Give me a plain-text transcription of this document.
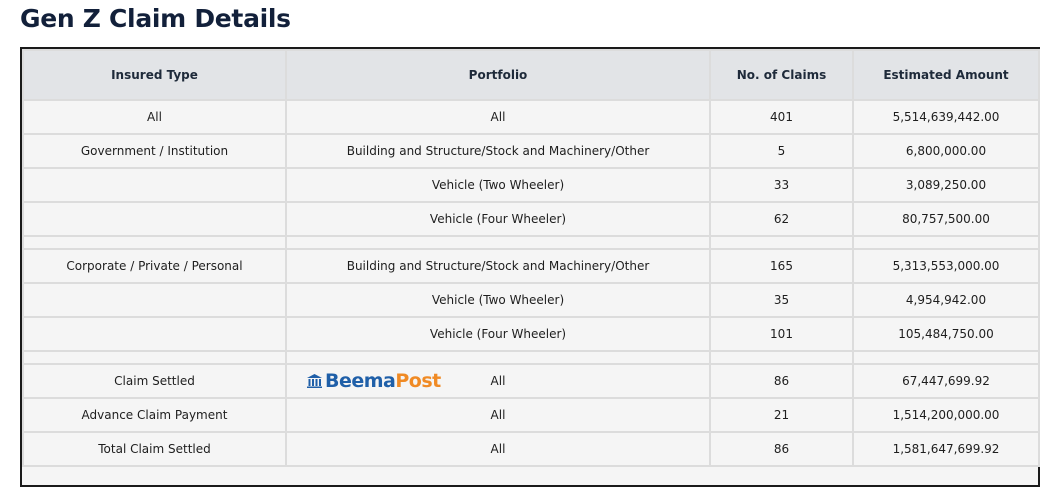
Gen Z Claim Details
Insured Type	Portfolio	No. of Claims	Estimated Amount
All	All	401	5,514,639,442.00
Government / Institution	Building and Structure/Stock and Machinery/Other	5	6,800,000.00
	Vehicle (Two Wheeler)	33	3,089,250.00
	Vehicle (Four Wheeler)	62	80,757,500.00

Corporate / Private / Personal	Building and Structure/Stock and Machinery/Other	165	5,313,553,000.00
	Vehicle (Two Wheeler)	35	4,954,942.00
	Vehicle (Four Wheeler)	101	105,484,750.00

Claim Settled	Beema Post All	86	67,447,699.92
Advance Claim Payment	All	21	1,514,200,000.00
Total Claim Settled	All	86	1,581,647,699.92
